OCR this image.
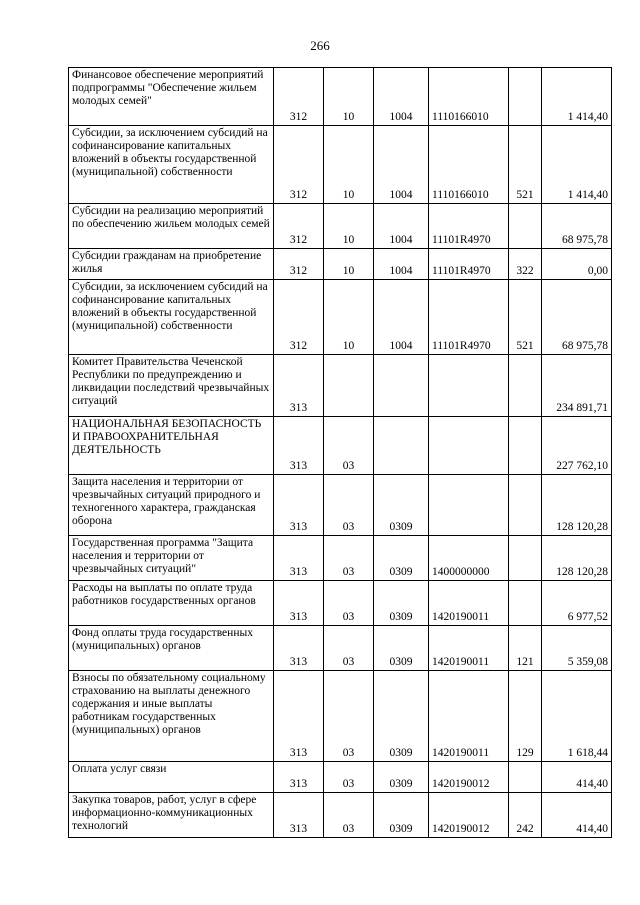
266
Финансовое обеспечение мероприятий подпрограммы "Обеспечение жильем молодых семей"	312	10	1004	1110166010		1 414,40
Субсидии, за исключением субсидий на софинансирование капитальных вложений в объекты государственной (муниципальной) собственности	312	10	1004	1110166010	521	1 414,40
Субсидии на реализацию мероприятий по обеспечению жильем молодых семей	312	10	1004	11101R4970		68 975,78
Субсидии гражданам на приобретение жилья	312	10	1004	11101R4970	322	0,00
Субсидии, за исключением субсидий на софинансирование капитальных вложений в объекты государственной (муниципальной) собственности	312	10	1004	11101R4970	521	68 975,78
Комитет Правительства Чеченской Республики по предупреждению и ликвидации последствий чрезвычайных ситуаций	313					234 891,71
НАЦИОНАЛЬНАЯ БЕЗОПАСНОСТЬ И ПРАВООХРАНИТЕЛЬНАЯ ДЕЯТЕЛЬНОСТЬ	313	03				227 762,10
Защита населения и территории от чрезвычайных ситуаций природного и техногенного характера, гражданская оборона	313	03	0309			128 120,28
Государственная программа "Защита населения и территории от чрезвычайных ситуаций"	313	03	0309	1400000000		128 120,28
Расходы на выплаты по оплате труда работников государственных органов	313	03	0309	1420190011		6 977,52
Фонд оплаты труда государственных (муниципальных) органов	313	03	0309	1420190011	121	5 359,08
Взносы по обязательному социальному страхованию на выплаты денежного содержания и иные выплаты работникам государственных (муниципальных) органов	313	03	0309	1420190011	129	1 618,44
Оплата услуг связи	313	03	0309	1420190012		414,40
Закупка товаров, работ, услуг в сфере информационно-коммуникационных технологий	313	03	0309	1420190012	242	414,40
